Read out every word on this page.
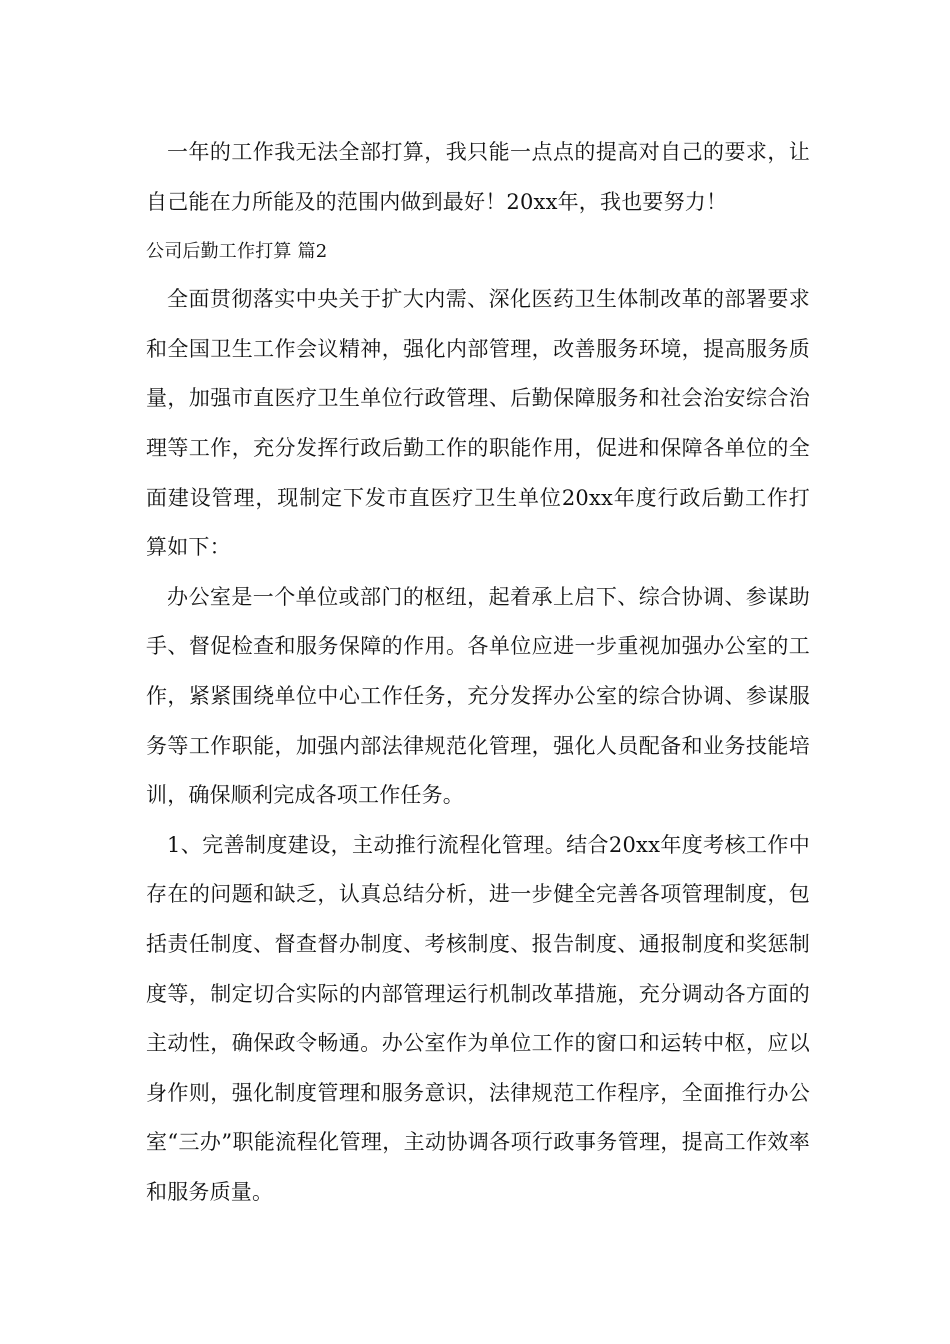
一年的工作我无法全部打算，我只能一点点的提高对自己的要求，让自己能在力所能及的范围内做到最好！20xx年，我也要努力！

公司后勤工作打算 篇2

全面贯彻落实中央关于扩大内需、深化医药卫生体制改革的部署要求和全国卫生工作会议精神，强化内部管理，改善服务环境，提高服务质量，加强市直医疗卫生单位行政管理、后勤保障服务和社会治安综合治理等工作，充分发挥行政后勤工作的职能作用，促进和保障各单位的全面建设管理，现制定下发市直医疗卫生单位20xx年度行政后勤工作打算如下：

办公室是一个单位或部门的枢纽，起着承上启下、综合协调、参谋助手、督促检查和服务保障的作用。各单位应进一步重视加强办公室的工作，紧紧围绕单位中心工作任务，充分发挥办公室的综合协调、参谋服务等工作职能，加强内部法律规范化管理，强化人员配备和业务技能培训，确保顺利完成各项工作任务。

1、完善制度建设，主动推行流程化管理。结合20xx年度考核工作中存在的问题和缺乏，认真总结分析，进一步健全完善各项管理制度，包括责任制度、督查督办制度、考核制度、报告制度、通报制度和奖惩制度等，制定切合实际的内部管理运行机制改革措施，充分调动各方面的主动性，确保政令畅通。办公室作为单位工作的窗口和运转中枢，应以身作则，强化制度管理和服务意识，法律规范工作程序，全面推行办公室“三办”职能流程化管理，主动协调各项行政事务管理，提高工作效率和服务质量。
